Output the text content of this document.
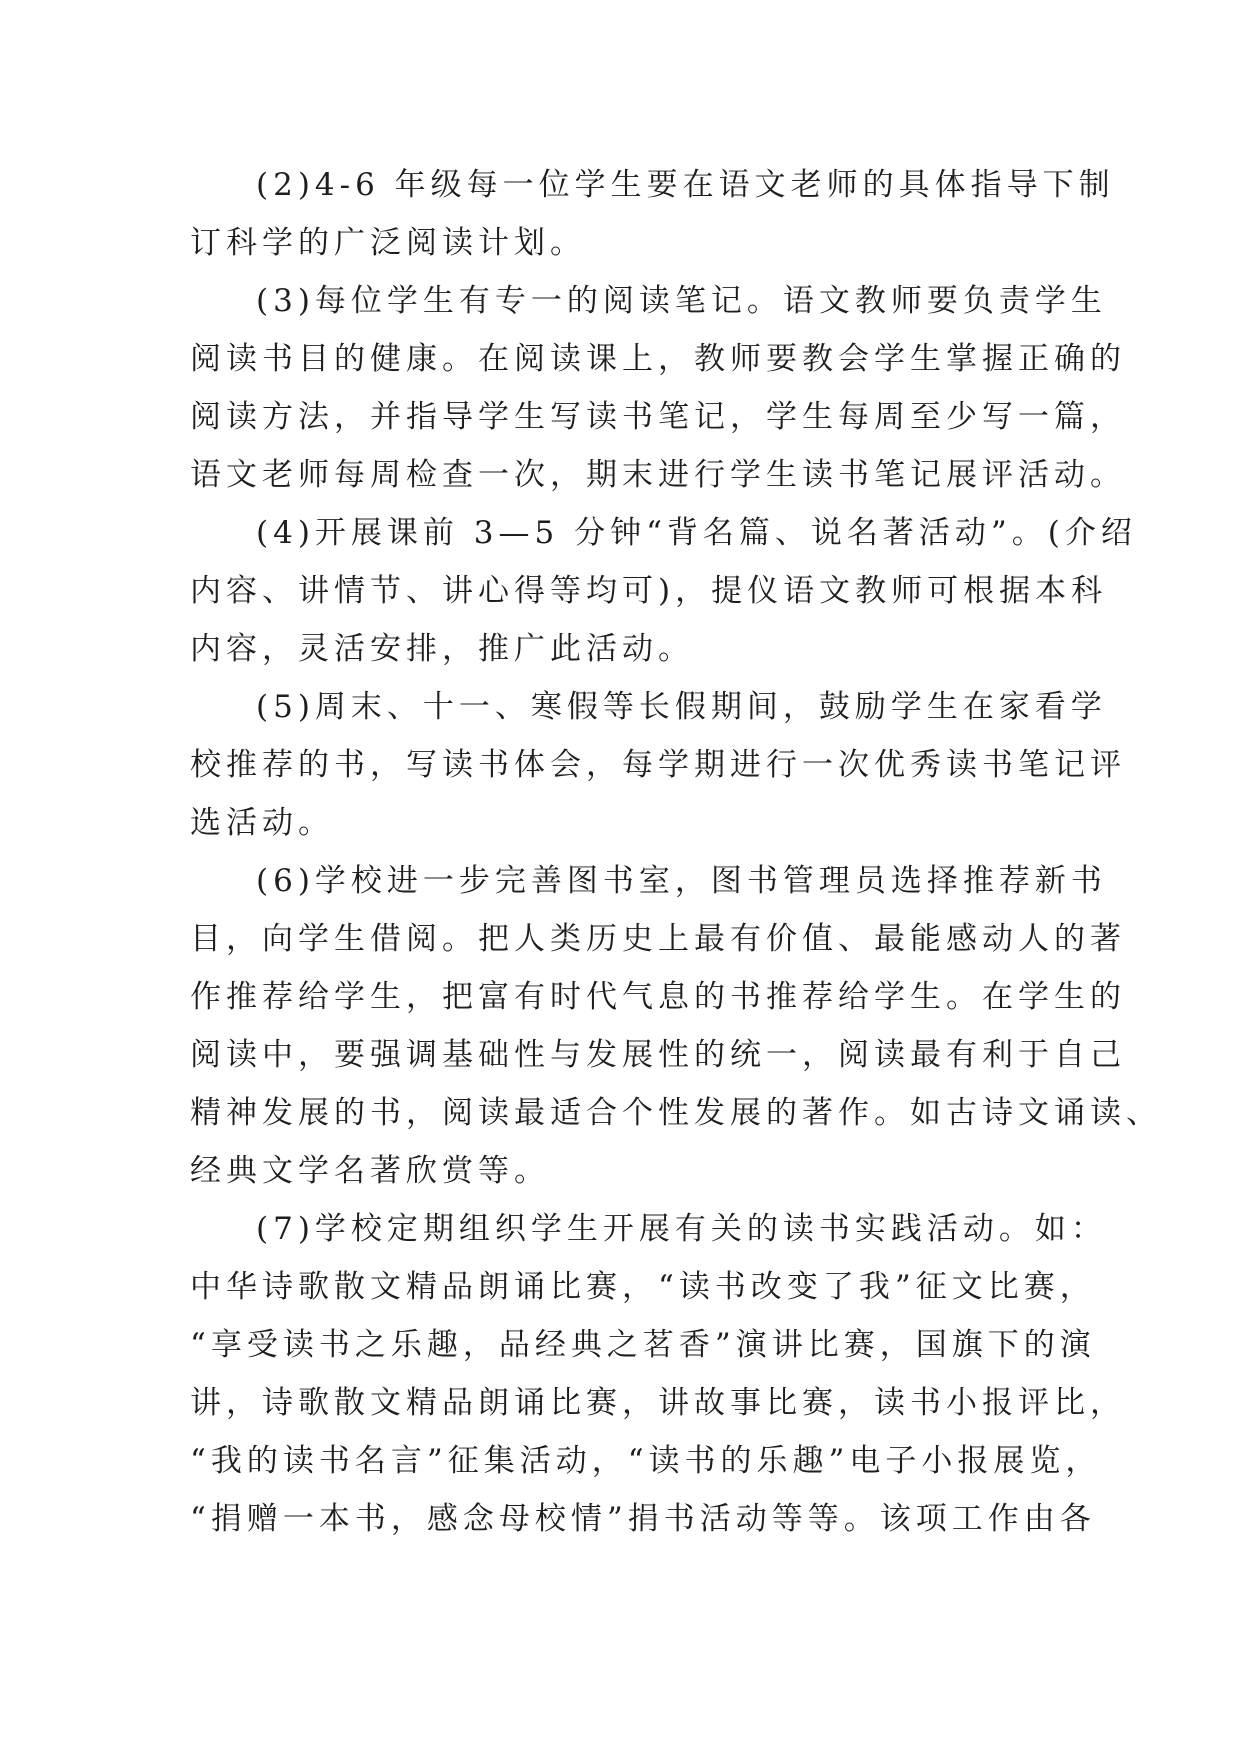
(2)4-6 年级每一位学生要在语文老师的具体指导下制
订科学的广泛阅读计划。
(3)每位学生有专一的阅读笔记。语文教师要负责学生
阅读书目的健康。在阅读课上，教师要教会学生掌握正确的
阅读方法，并指导学生写读书笔记，学生每周至少写一篇，
语文老师每周检查一次，期末进行学生读书笔记展评活动。
(4)开展课前 3—5 分钟“背名篇、说名著活动”。(介绍
内容、讲情节、讲心得等均可)，提仪语文教师可根据本科
内容，灵活安排，推广此活动。
(5)周末、十一、寒假等长假期间，鼓励学生在家看学
校推荐的书，写读书体会，每学期进行一次优秀读书笔记评
选活动。
(6)学校进一步完善图书室，图书管理员选择推荐新书
目，向学生借阅。把人类历史上最有价值、最能感动人的著
作推荐给学生，把富有时代气息的书推荐给学生。在学生的
阅读中，要强调基础性与发展性的统一，阅读最有利于自己
精神发展的书，阅读最适合个性发展的著作。如古诗文诵读、
经典文学名著欣赏等。
(7)学校定期组织学生开展有关的读书实践活动。如：
中华诗歌散文精品朗诵比赛，“读书改变了我”征文比赛，
“享受读书之乐趣，品经典之茗香”演讲比赛，国旗下的演
讲，诗歌散文精品朗诵比赛，讲故事比赛，读书小报评比，
“我的读书名言”征集活动，“读书的乐趣”电子小报展览，
“捐赠一本书，感念母校情”捐书活动等等。该项工作由各
